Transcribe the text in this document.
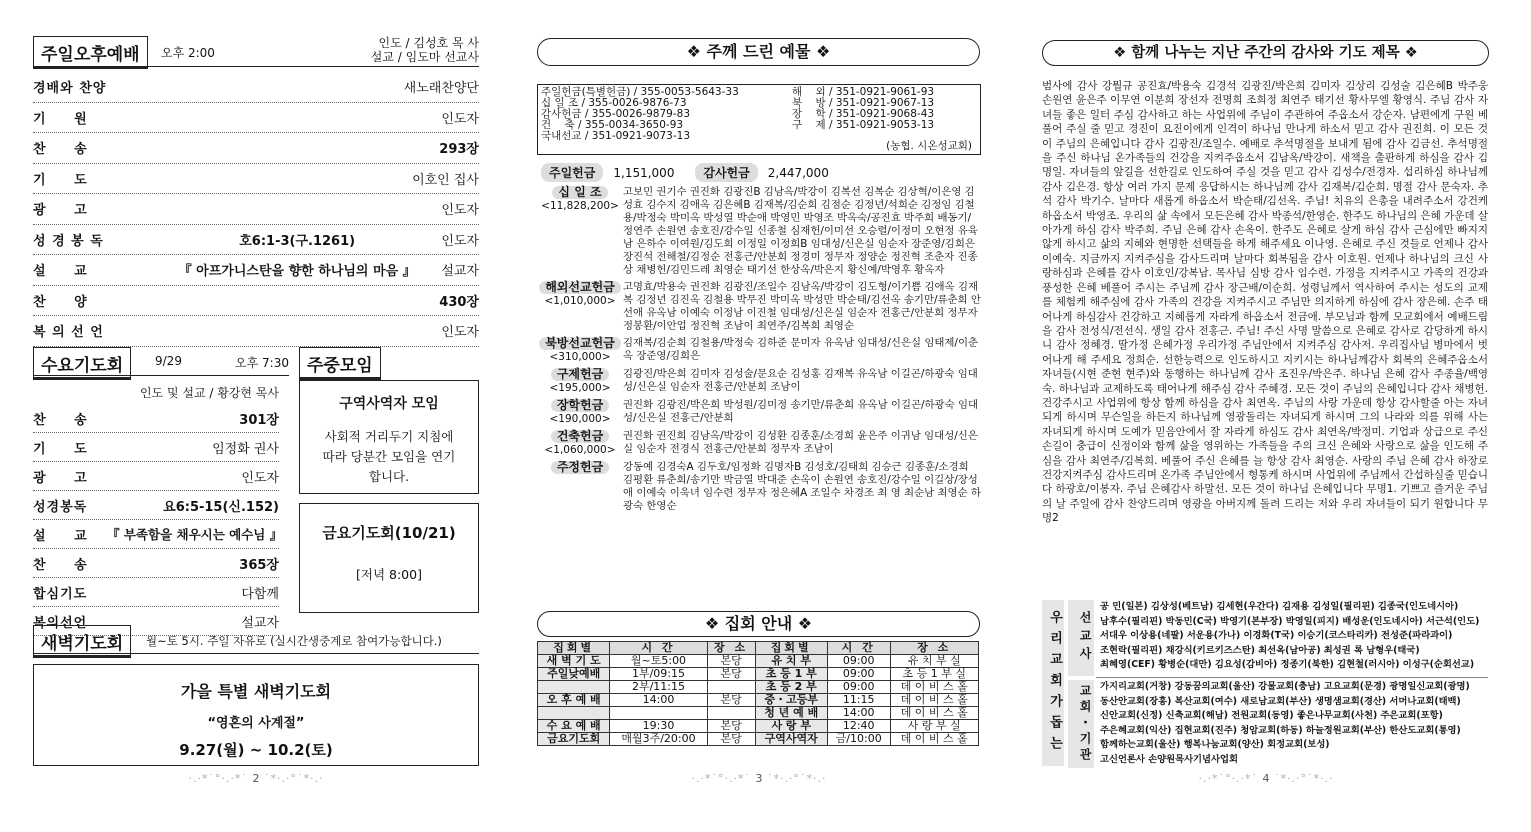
주일오후예배 오후 2:00
인도 / 김성호 목 사
설교 / 임도마 선교사
경배와 찬양	새노래찬양단
기     원	인도자
찬     송	293장
기     도	이호인 집사
광     고	인도자
성 경 봉 독	호6:1-3(구.1261)	인도자
설     교	『 아프가니스탄을 향한 하나님의 마음 』	설교자
찬     양	430장
복 의 선 언	인도자
수요기도회	9/29	오후 7:30
인도 및 설교 / 황강현 목사
찬     송	301장
기     도	임정화 권사
광     고	인도자
성경봉독	요6:5-15(신.152)
설     교	『 부족함을 채우시는 예수님 』
찬     송	365장
합심기도	다함께
복의선언	설교자
주중모임
구역사역자 모임
사회적 거리두기 지침에 따라 당분간 모임을 연기합니다.
금요기도회(10/21)
[저녁 8:00]
새벽기도회 월~토 5시. 주일 자유로 (실시간생중계로 참여가능합니다.)
가을 특별 새벽기도회
“영혼의 사계절”
9.27(월) ~ 10.2(토)
·.·*˙°·.·*˙ 2 ˙*·.·°˙*·.·
❖ 주께 드린 예물 ❖
주일헌금(특별헌금) / 355-0053-5643-33
십 일 조 / 355-0026-9876-73
감사헌금 / 355-0026-9879-83
건    축 / 355-0034-3650-93
국내선교 / 351-0921-9073-13
해    외 / 351-0921-9061-93
북    방 / 351-0921-9067-13
장    학 / 351-0921-9068-43
구    제 / 351-0921-9053-13
(농협. 시온성교회)
주일헌금	1,151,000	감사헌금	2,447,000
십 일 조
<11,828,200>
고보민 권기수 권진화 김광진B 김남옥/박강이 김복선 김복순 김상혁/이은영 김성효 김수지 김애옥 김은혜B 김재복/김순희 김점순 김정년/석희순 김정임 김철용/박정숙 박미옥 박성열 박순애 박영민 박영조 박옥숙/공진효 박주희 배동기/정연주 손원연 송호진/강수일 신종철 심재헌/이미선 오승렬/이정미 오현정 유육남 은하수 이여원/김도희 이정일 이정희B 임대성/신은실 임순자 장준영/김희은 장진석 전해철/김정순 전홍근/안분희 정경미 정무자 정양순 정진혁 조춘자 진종상 채병헌/김민드레 최영순 태기선 한상옥/박은지 황신예/박영후 황옥자
해외선교헌금
<1,010,000>
고명효/박용숙 권진화 김광진/조일수 김남옥/박강이 김도형/이기쁨 김애옥 김재복 김정년 김진옥 김철용 박무진 박미옥 박성만 박순태/김선옥 송기만/류춘희 안선애 유옥남 이예숙 이정남 이진철 임대성/신은실 임순자 전홍근/안분희 정무자 정봉환/이안업 정진혁 조남이 최연주/김복희 최영순
북방선교헌금
<310,000>
김재복/김순희 김철용/박정숙 김하준 문미자 유옥남 임대성/신은실 임태제/이춘옥 장준영/김희은
구제헌금
<195,000>
김광진/박은희 김미자 김성술/문요순 김성홍 김재복 유옥남 이길곤/하광숙 임대성/신은실 임순자 전홍근/안분희 조남이
장학헌금
<190,000>
권진화 김광진/박은희 박성원/김미정 송기만/류춘희 유옥남 이길곤/하광숙 임대성/신은실 전홍근/안분희
건축헌금
<1,060,000>
권진화 권진희 김남옥/박강이 김성환 김종훈/소경희 윤은주 이귀남 임대성/신은실 임순자 전경식 전홍근/안분희 정무자 조남이
주정헌금	강동예 김경숙A 김두호/임정화 김명자B 김성호/김태희 김승근 김종훈/소경희 김평환 류춘희/송기만 박금열 박대준 손옥이 손원연 송호진/강수일 이길상/장성애 이예숙 이욱녀 임수련 정무자 정은혜A 조일수 차경조 최 영 최순남 최영순 하광숙 한영순
❖ 집회 안내 ❖
집회별	시 간	장 소	집회별	시 간	장 소
새 벽 기 도	월~토5:00	본당	유 치 부	09:00	유 치 부 실
주일낮예배	1부/09:15	본당	초 등 1 부	09:00	초 등 1 부 실
	2부/11:15		초 등 2 부	09:00	데 이 비 스 홀
오 후 예 배	14:00	본당	중・고등부	11:15	데 이 비 스 홀
			청 년 예 배	14:00	데 이 비 스 홀
수 요 예 배	19:30	본당	사 랑 부	12:40	사 랑 부 실
금요기도회	매월3주/20:00	본당	구역사역자	금/10:00	데 이 비 스 홀
·.·*˙°·.·*˙ 3 ˙*·.·°˙*·.·
❖ 함께 나누는 지난 주간의 감사와 기도 제목 ❖
범사에 감사 강뭘규 공진효/박용숙 김경석 김광진/박은희 김미자 김상리 김성술 김은혜B 박주웅 손원연 윤은주 이무연 이분희 장선자 전명희 조희정 최연주 태기선 황사무엘 황영식. 주님 감사 자녀들 좋은 일터 주심 감사하고 하는 사업위에 주님이 주관하여 주옵소서 강순자. 남편에게 구원 베풀어 주실 줄 믿고 경진이 요진이에게 인격이 하나님 만나게 하소서 믿고 감사 권진희. 이 모든 것이 주님의 은혜입니다 감사 김광진/조일수. 예배로 추석명절을 보내게 됨에 감사 김금선. 추석명절을 주신 하나님 온가족들의 건강을 지켜주옵소서 김남옥/박강이. 새책을 출판하게 하심을 감사 김명일. 자녀들의 앞길을 선한길로 인도하여 주실 것을 믿고 감사 김성수/전경자. 섭리하심 하나님께 감사 김은경. 항상 여러 가지 문제 응답하시는 하나님께 감사 김재복/김순희. 명절 감사 문숙자. 추석 감사 박기수. 날마다 새롭게 하옵소서 박순태/김선옥. 주님! 치유의 은총을 내려주소서 강건케 하옵소서 박영조. 우리의 삶 속에서 모든은혜 감사 박종석/한영순. 한주도 하나님의 은혜 가운데 살아가게 하심 감사 박주희. 주님 은혜 감사 손옥이. 한주도 은혜로 살게 하심 감사 근심에만 빠지지 않게 하시고 삶의 지혜와 현명한 선택들을 하게 해주세요 이나영. 은혜로 주신 것들로 언제나 감사 이예숙. 지금까지 지켜주심을 감사드리며 날마다 회복됨을 감사 이호원. 언제나 하나님의 크신 사랑하심과 은혜를 감사 이호인/강복남. 목사님 심방 감사 임수련. 가정을 지켜주시고 가족의 건강과 풍성한 은혜 베풀어 주시는 주님께 감사 장근배/이순희. 성령님께서 역사하여 주시는 성도의 교제를 체험케 해주심에 감사 가족의 건강을 지켜주시고 주님만 의지하게 하심에 감사 장은혜. 손주 태어나게 하심감사 건강하고 지혜롭게 자라게 하옵소서 전금애. 부모님과 함께 모교회에서 예배드림을 감사 전성식/전선식. 생일 감사 전홍근. 주님! 주신 사명 말씀으로 은혜로 감사로 감당하게 하시니 감사 정혜경. 딸가정 은혜가정 우리가정 주님안에서 지켜주심 감사저. 우리집사님 병마에서 벗어나게 해 주세요 정희순. 선한능력으로 인도하시고 지키시는 하나님께감사 회복의 은혜주옵소서 자녀들(시현 준현 현주)와 동행하는 하나님께 감사 조진우/박은주. 하나님 은혜 감사 주종율/백영숙. 하나님과 교제하도록 태어나게 해주심 감사 주혜경. 모든 것이 주님의 은혜입니다 감사 채병헌. 건강주시고 사업위에 항상 함께 하심을 감사 최연옥. 주님의 사랑 가운데 항상 감사할줄 아는 자녀되게 하시며 무슨일을 하든지 하나님께 영광돌리는 자녀되게 하시며 그의 나라와 의를 위해 사는 자녀되게 하시며 도예가 믿음안에서 잘 자라게 하심도 감사 최연옥/박정미. 기업과 상급으로 주신 손길이 충급이 신정이와 함께 삶을 영위하는 가족들을 주의 크신 은혜와 사랑으로 삶을 인도해 주심을 감사 최연주/김복희. 베풀어 주신 은혜를 늘 항상 감사 최영순. 사랑의 주님 은혜 감사 하장로 건강지켜주심 감사드리며 온가족 주님안에서 형통케 하시며 사업위에 주님께서 간섭하실줄 믿습니다 하광호/이봉자. 주님 은혜감사 하말선. 모든 것이 하나님 은혜입니다 무명1. 기쁘고 즐거운 주님의 날 주일에 감사 찬양드리며 영광을 아버지께 돌려 드리는 저와 우리 자녀들이 되기 원합니다 무명2
우리교회가돕는	선교사
공 민(일본) 김상성(베트남) 김세현(우간다) 김재용 김성일(필리핀) 김종국(인도네시아)
남후수(필리핀) 박동민(C국) 박영기(본부장) 박영일(피지) 배성운(인도네시아) 서근석(인도)
서대우 이상용(네팔) 서운용(가나) 이경화(T국) 이승기(코스타리카) 전성준(파라과이)
조현락(필리핀) 채강식(키르키즈스탄) 최선옥(남아공) 최성권 록 남형우(태국)
최혜영(CEF) 황병순(대만) 김요성(감비아) 정종기(북한) 김현철(러시아) 이성구(순회선교)
교회・기관 가지리교회(거창) 강동꿈의교회(울산) 강물교회(충남) 고요교회(문경) 광명일신교회(광명)
동산안교회(장흥) 복산교회(여수) 새로남교회(부산) 생명샘교회(경산) 서머나교회(태백)
신안교회(신정) 신축교회(해남) 전원교회(동영) 좋은나무교회(사천) 주은교회(포항)
주은혜교회(익산) 집현교회(진주) 청암교회(하동) 하늘정원교회(부산) 한산도교회(통영)
함께하는교회(울산) 행복나눔교회(양산) 회정교회(보성)
고신언론사 손양원목사기념사업회
·.·*˙°·.·*˙ 4 ˙*·.·°˙*·.·
